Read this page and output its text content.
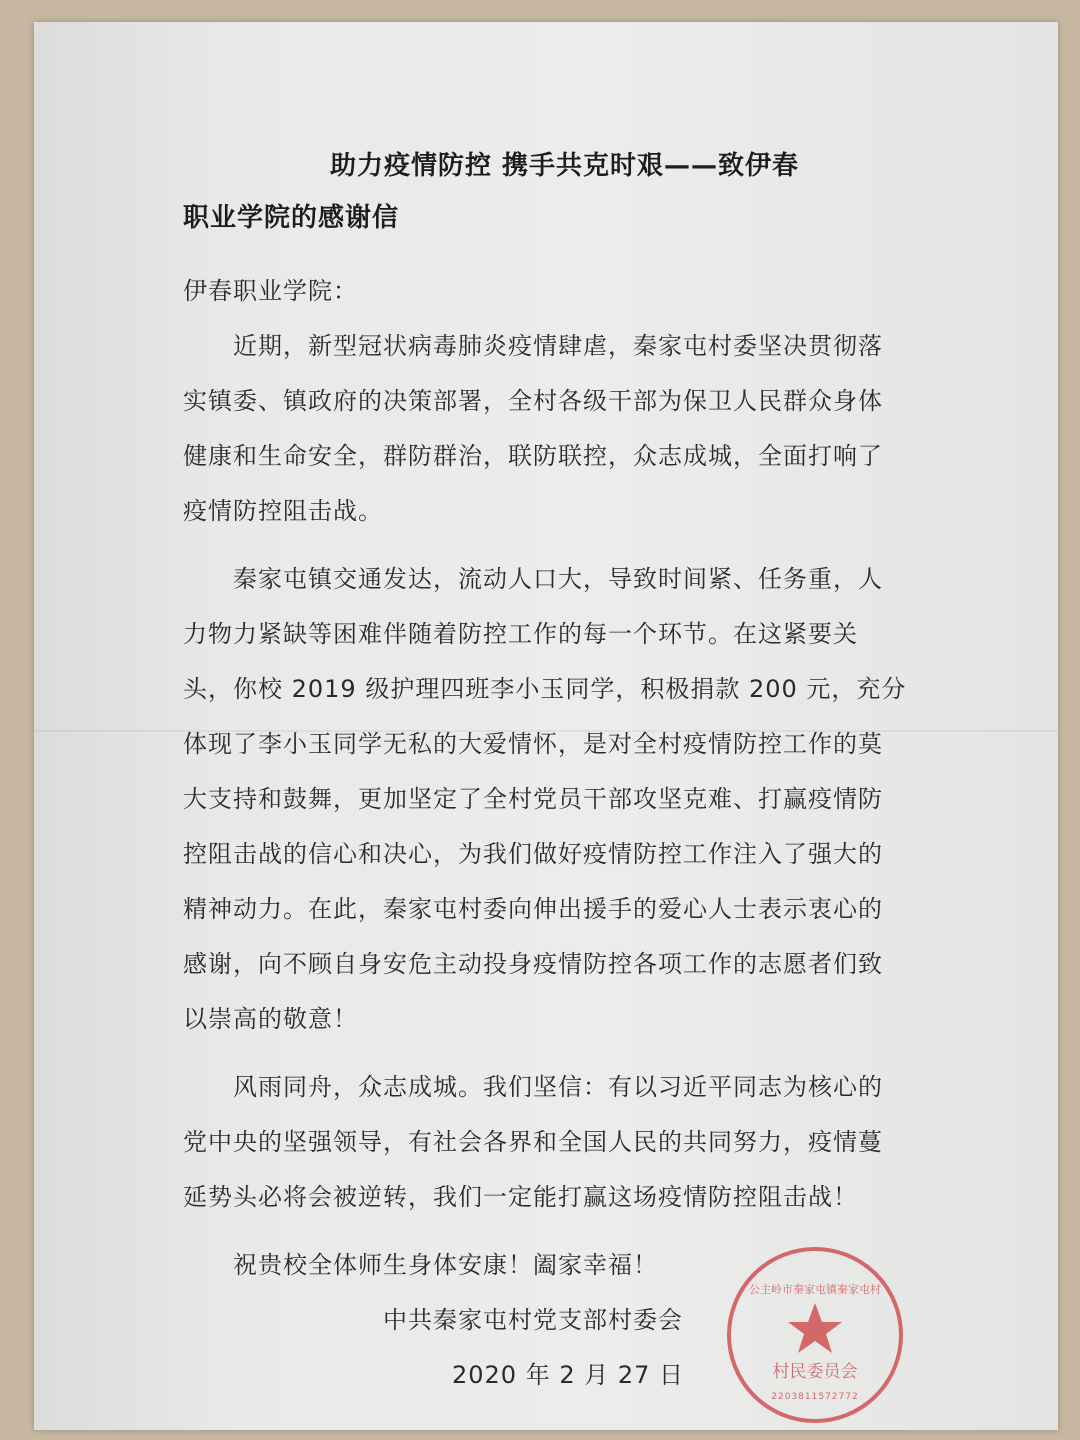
助力疫情防控 携手共克时艰——致伊春
职业学院的感谢信
伊春职业学院：
　　近期，新型冠状病毒肺炎疫情肆虐，秦家屯村委坚决贯彻落
实镇委、镇政府的决策部署，全村各级干部为保卫人民群众身体
健康和生命安全，群防群治，联防联控，众志成城，全面打响了
疫情防控阻击战。
　　秦家屯镇交通发达，流动人口大，导致时间紧、任务重，人
力物力紧缺等困难伴随着防控工作的每一个环节。在这紧要关
头，你校 2019 级护理四班李小玉同学，积极捐款 200 元，充分
体现了李小玉同学无私的大爱情怀，是对全村疫情防控工作的莫
大支持和鼓舞，更加坚定了全村党员干部攻坚克难、打赢疫情防
控阻击战的信心和决心，为我们做好疫情防控工作注入了强大的
精神动力。在此，秦家屯村委向伸出援手的爱心人士表示衷心的
感谢，向不顾自身安危主动投身疫情防控各项工作的志愿者们致
以崇高的敬意！
　　风雨同舟，众志成城。我们坚信：有以习近平同志为核心的
党中央的坚强领导，有社会各界和全国人民的共同努力，疫情蔓
延势头必将会被逆转，我们一定能打赢这场疫情防控阻击战！
　　祝贵校全体师生身体安康！阖家幸福！
中共秦家屯村党支部村委会
2020 年 2 月 27 日
公主岭市秦家屯镇秦家屯村
村民委员会
2203811572772
